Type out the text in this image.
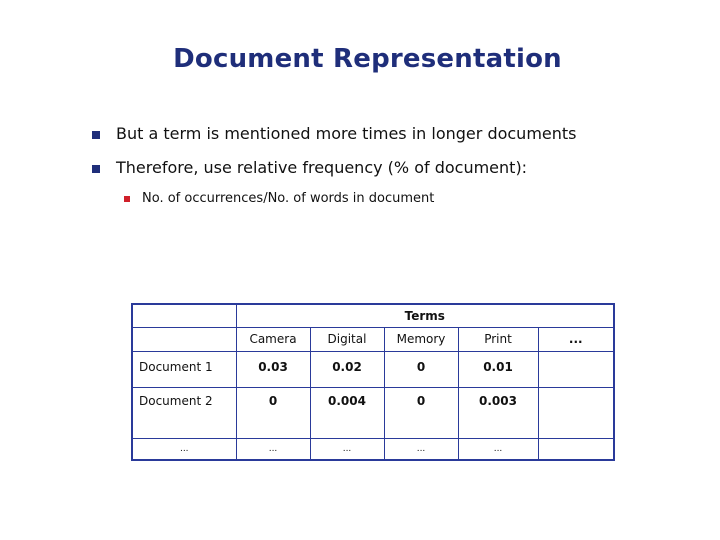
Document Representation
But a term is mentioned more times in longer documents
Therefore, use relative frequency (% of document):
No. of occurrences/No. of words in document
	Terms				
	Camera	Digital	Memory	Print	...
Document 1	0.03	0.02	0	0.01	
Document 2	0	0.004	0	0.003	
...	...	...	...	...	
